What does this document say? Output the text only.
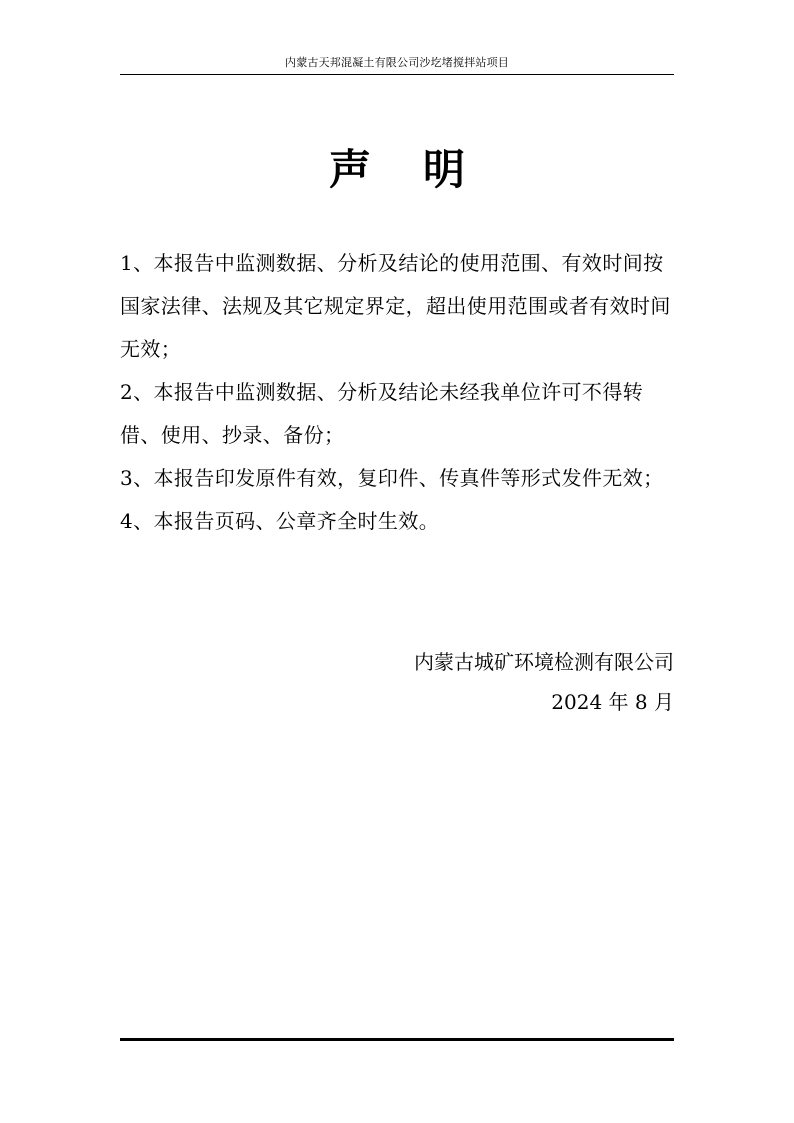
内蒙古天邦混凝土有限公司沙圪堵搅拌站项目
声明
1、本报告中监测数据、分析及结论的使用范围、有效时间按国家法律、法规及其它规定界定，超出使用范围或者有效时间无效；
2、本报告中监测数据、分析及结论未经我单位许可不得转借、使用、抄录、备份；
3、本报告印发原件有效，复印件、传真件等形式发件无效；
4、本报告页码、公章齐全时生效。
内蒙古城矿环境检测有限公司
2024 年 8 月
